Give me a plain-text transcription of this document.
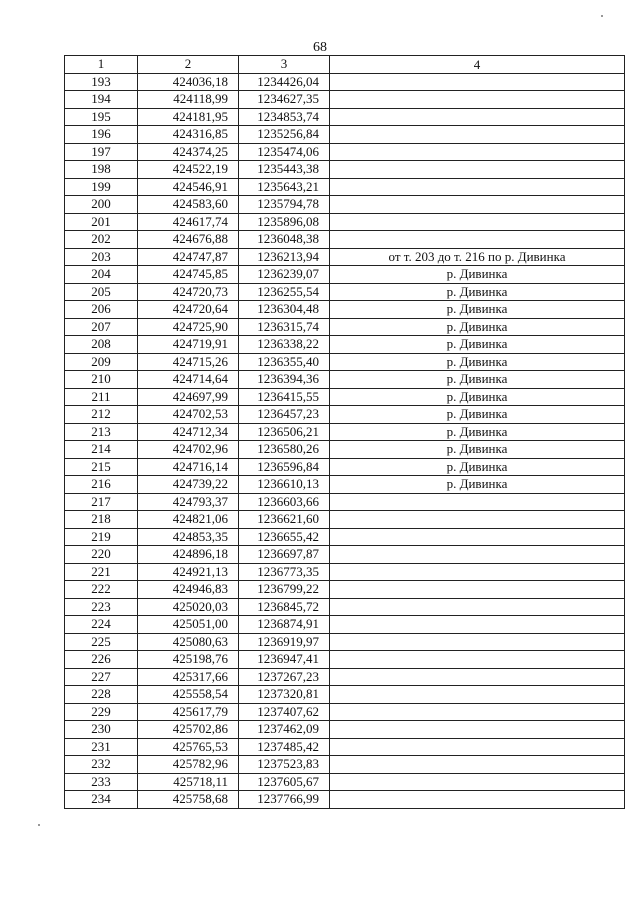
68
1	2	3	4
193	424036,18	1234426,04	
194	424118,99	1234627,35	
195	424181,95	1234853,74	
196	424316,85	1235256,84	
197	424374,25	1235474,06	
198	424522,19	1235443,38	
199	424546,91	1235643,21	
200	424583,60	1235794,78	
201	424617,74	1235896,08	
202	424676,88	1236048,38	
203	424747,87	1236213,94	от т. 203 до т. 216 по р. Дивинка
204	424745,85	1236239,07	р. Дивинка
205	424720,73	1236255,54	р. Дивинка
206	424720,64	1236304,48	р. Дивинка
207	424725,90	1236315,74	р. Дивинка
208	424719,91	1236338,22	р. Дивинка
209	424715,26	1236355,40	р. Дивинка
210	424714,64	1236394,36	р. Дивинка
211	424697,99	1236415,55	р. Дивинка
212	424702,53	1236457,23	р. Дивинка
213	424712,34	1236506,21	р. Дивинка
214	424702,96	1236580,26	р. Дивинка
215	424716,14	1236596,84	р. Дивинка
216	424739,22	1236610,13	р. Дивинка
217	424793,37	1236603,66	
218	424821,06	1236621,60	
219	424853,35	1236655,42	
220	424896,18	1236697,87	
221	424921,13	1236773,35	
222	424946,83	1236799,22	
223	425020,03	1236845,72	
224	425051,00	1236874,91	
225	425080,63	1236919,97	
226	425198,76	1236947,41	
227	425317,66	1237267,23	
228	425558,54	1237320,81	
229	425617,79	1237407,62	
230	425702,86	1237462,09	
231	425765,53	1237485,42	
232	425782,96	1237523,83	
233	425718,11	1237605,67	
234	425758,68	1237766,99	
